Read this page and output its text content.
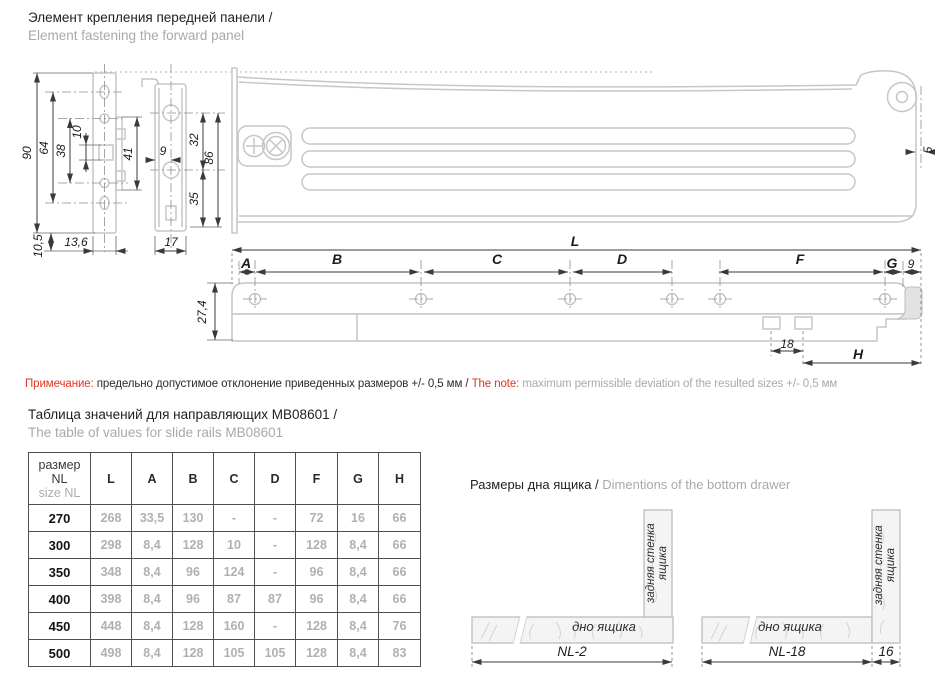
90 64 38
10
41 9
32
86
35
10,5 13,6	17
5
L
A	B	C	D	F	G 9
27,4
18
H
дно ящика
задняя стенка ящика
NL-2
дно ящика
задняя стенка ящика
NL-18	16
Элемент крепления передней панели /
Element fastening the forward panel
Примечание: предельно допустимое отклонение приведенных размеров +/- 0,5 мм / The note: maximum permissible deviation of the resulted sizes +/- 0,5 мм
Таблица значений для направляющих МВ08601 /
The table of values for slide rails MB08601
размер
NL
size NL	L	A	B	C	D	F	G	H
270	268	33,5	130	-	-	72	16	66
300	298	8,4	128	10	-	128	8,4	66
350	348	8,4	96	124	-	96	8,4	66
400	398	8,4	96	87	87	96	8,4	66
450	448	8,4	128	160	-	128	8,4	76
500	498	8,4	128	105	105	128	8,4	83
Размеры дна ящика / Dimentions of the bottom drawer
